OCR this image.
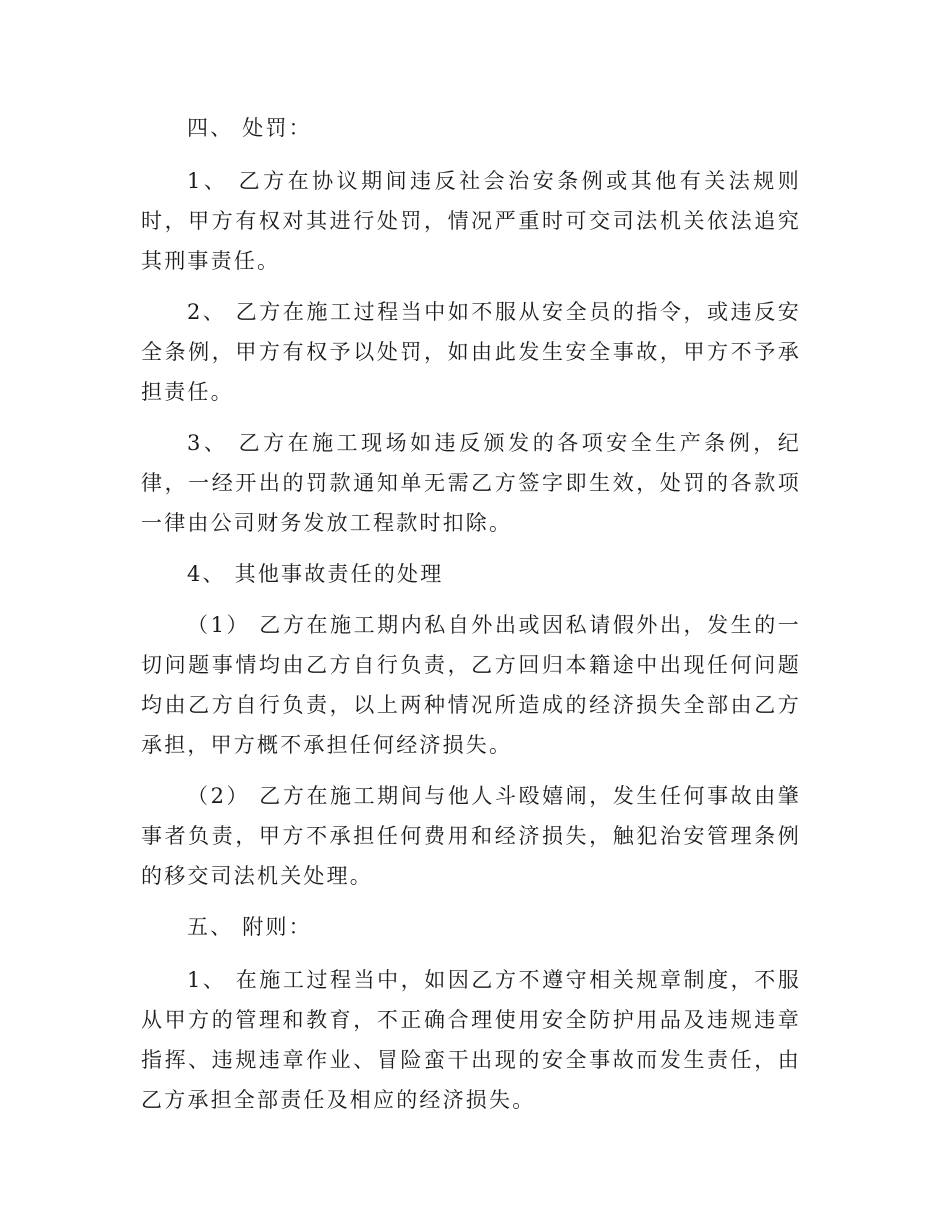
四、 处罚：

1、 乙方在协议期间违反社会治安条例或其他有关法规则时，甲方有权对其进行处罚，情况严重时可交司法机关依法追究其刑事责任。

2、 乙方在施工过程当中如不服从安全员的指令，或违反安全条例，甲方有权予以处罚，如由此发生安全事故，甲方不予承担责任。

3、 乙方在施工现场如违反颁发的各项安全生产条例，纪律，一经开出的罚款通知单无需乙方签字即生效，处罚的各款项一律由公司财务发放工程款时扣除。

4、 其他事故责任的处理

（1） 乙方在施工期内私自外出或因私请假外出，发生的一切问题事情均由乙方自行负责，乙方回归本籍途中出现任何问题均由乙方自行负责，以上两种情况所造成的经济损失全部由乙方承担，甲方概不承担任何经济损失。

（2） 乙方在施工期间与他人斗殴嬉闹，发生任何事故由肇事者负责，甲方不承担任何费用和经济损失，触犯治安管理条例的移交司法机关处理。

五、 附则：

1、 在施工过程当中，如因乙方不遵守相关规章制度，不服从甲方的管理和教育，不正确合理使用安全防护用品及违规违章指挥、违规违章作业、冒险蛮干出现的安全事故而发生责任，由乙方承担全部责任及相应的经济损失。
